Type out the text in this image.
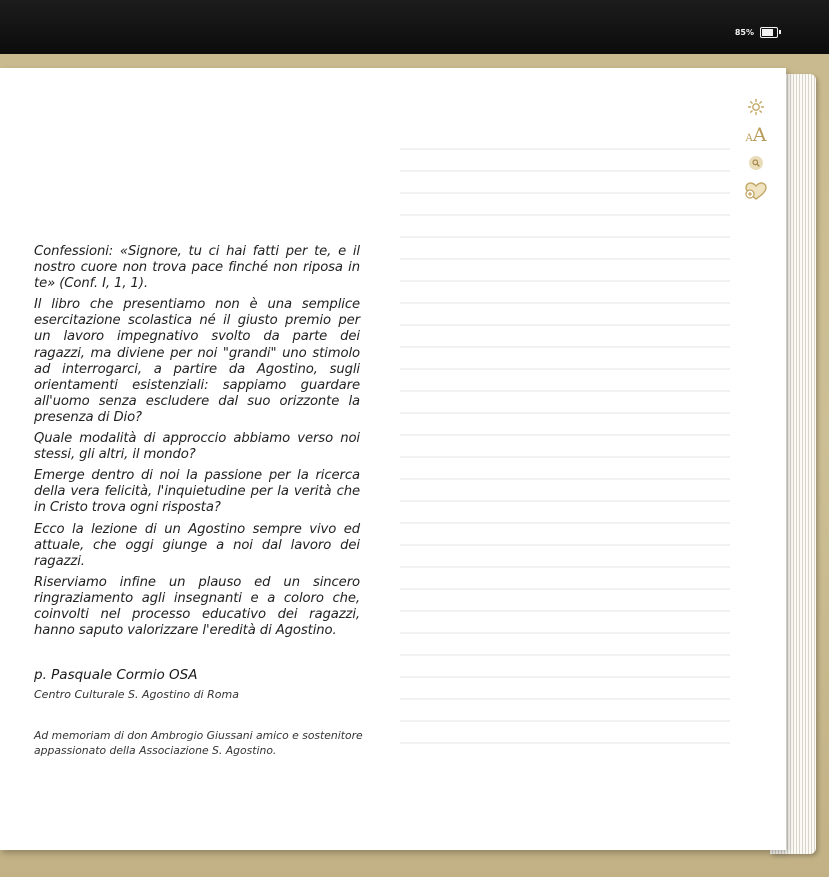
85%
AA

Confessioni: «Signore, tu ci hai fatti per te, e il nostro cuore non trova pace finché non riposa in te» (Conf. I, 1, 1).

Il libro che presentiamo non è una semplice esercitazione scolastica né il giusto premio per un lavoro impegnativo svolto da parte dei ragazzi, ma diviene per noi "grandi" uno stimolo ad interrogarci, a partire da Agostino, sugli orientamenti esistenziali: sappiamo guardare all'uomo senza escludere dal suo orizzonte la presenza di Dio?

Quale modalità di approccio abbiamo verso noi stessi, gli altri, il mondo?

Emerge dentro di noi la passione per la ricerca della vera felicità, l'inquietudine per la verità che in Cristo trova ogni risposta?

Ecco la lezione di un Agostino sempre vivo ed attuale, che oggi giunge a noi dal lavoro dei ragazzi.

Riserviamo infine un plauso ed un sincero ringraziamento agli insegnanti e a coloro che, coinvolti nel processo educativo dei ragazzi, hanno saputo valorizzare l'eredità di Agostino.

p. Pasquale Cormio OSA
Centro Culturale S. Agostino di Roma
Ad memoriam di don Ambrogio Giussani amico e sostenitore appassionato della Associazione S. Agostino.
